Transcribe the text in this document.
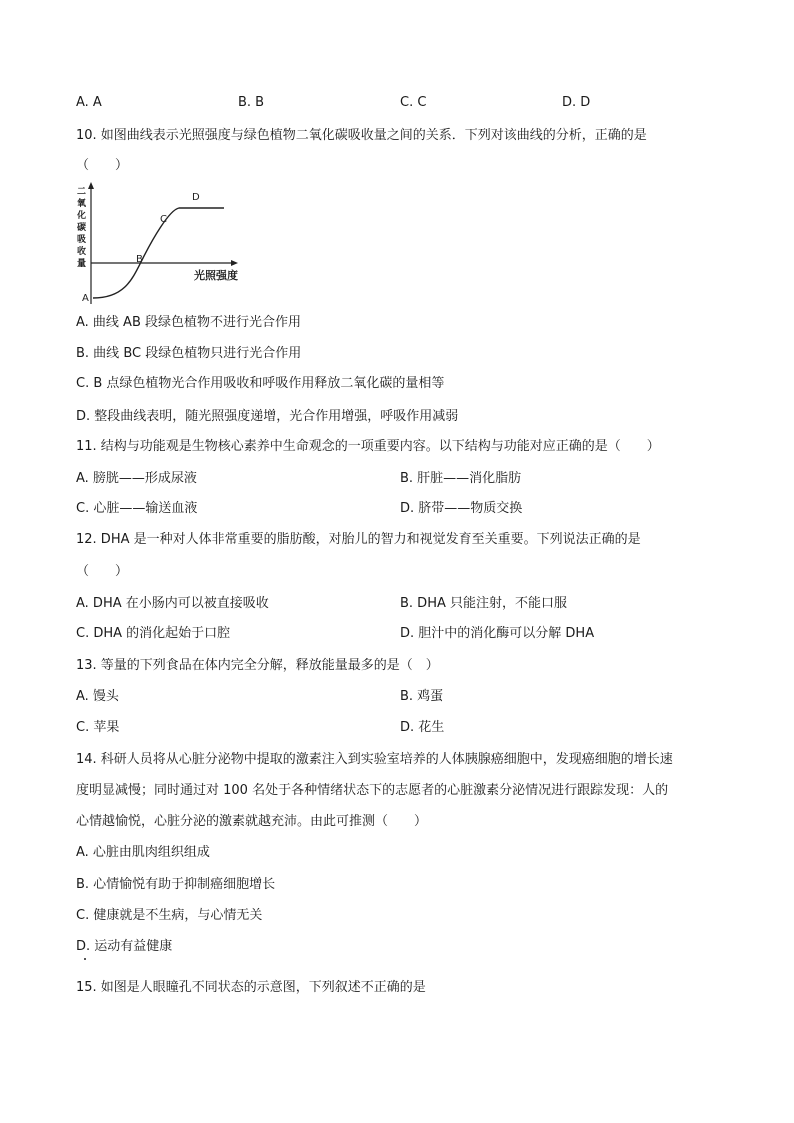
A. A	B. B	C. C	D. D
10. 如图曲线表示光照强度与绿色植物二氧化碳吸收量之间的关系．下列对该曲线的分析，正确的是
（　　）
二
氧
化
碳
吸
收
量
A
B
C
D
光照强度
A. 曲线 AB 段绿色植物不进行光合作用
B. 曲线 BC 段绿色植物只进行光合作用
C. B 点绿色植物光合作用吸收和呼吸作用释放二氧化碳的量相等
D. 整段曲线表明，随光照强度递增，光合作用增强，呼吸作用减弱
11. 结构与功能观是生物核心素养中生命观念的一项重要内容。以下结构与功能对应正确的是（　　）
A. 膀胱——形成尿液	B. 肝脏——消化脂肪
C. 心脏——输送血液	D. 脐带——物质交换
12. DHA 是一种对人体非常重要的脂肪酸，对胎儿的智力和视觉发育至关重要。下列说法正确的是
（　　）
A. DHA 在小肠内可以被直接吸收	B. DHA 只能注射，不能口服
C. DHA 的消化起始于口腔	D. 胆汁中的消化酶可以分解 DHA
13. 等量的下列食品在体内完全分解，释放能量最多的是（　）
A. 馒头	B. 鸡蛋
C. 苹果	D. 花生
14. 科研人员将从心脏分泌物中提取的激素注入到实验室培养的人体胰腺癌细胞中，发现癌细胞的增长速
度明显减慢；同时通过对 100 名处于各种情绪状态下的志愿者的心脏激素分泌情况进行跟踪发现：人的
心情越愉悦，心脏分泌的激素就越充沛。由此可推测（　　）
A. 心脏由肌肉组织组成
B. 心情愉悦有助于抑制癌细胞增长
C. 健康就是不生病，与心情无关
D. 运动有益健康
15. 如图是人眼瞳孔不同状态的示意图，下列叙述不正确的是
